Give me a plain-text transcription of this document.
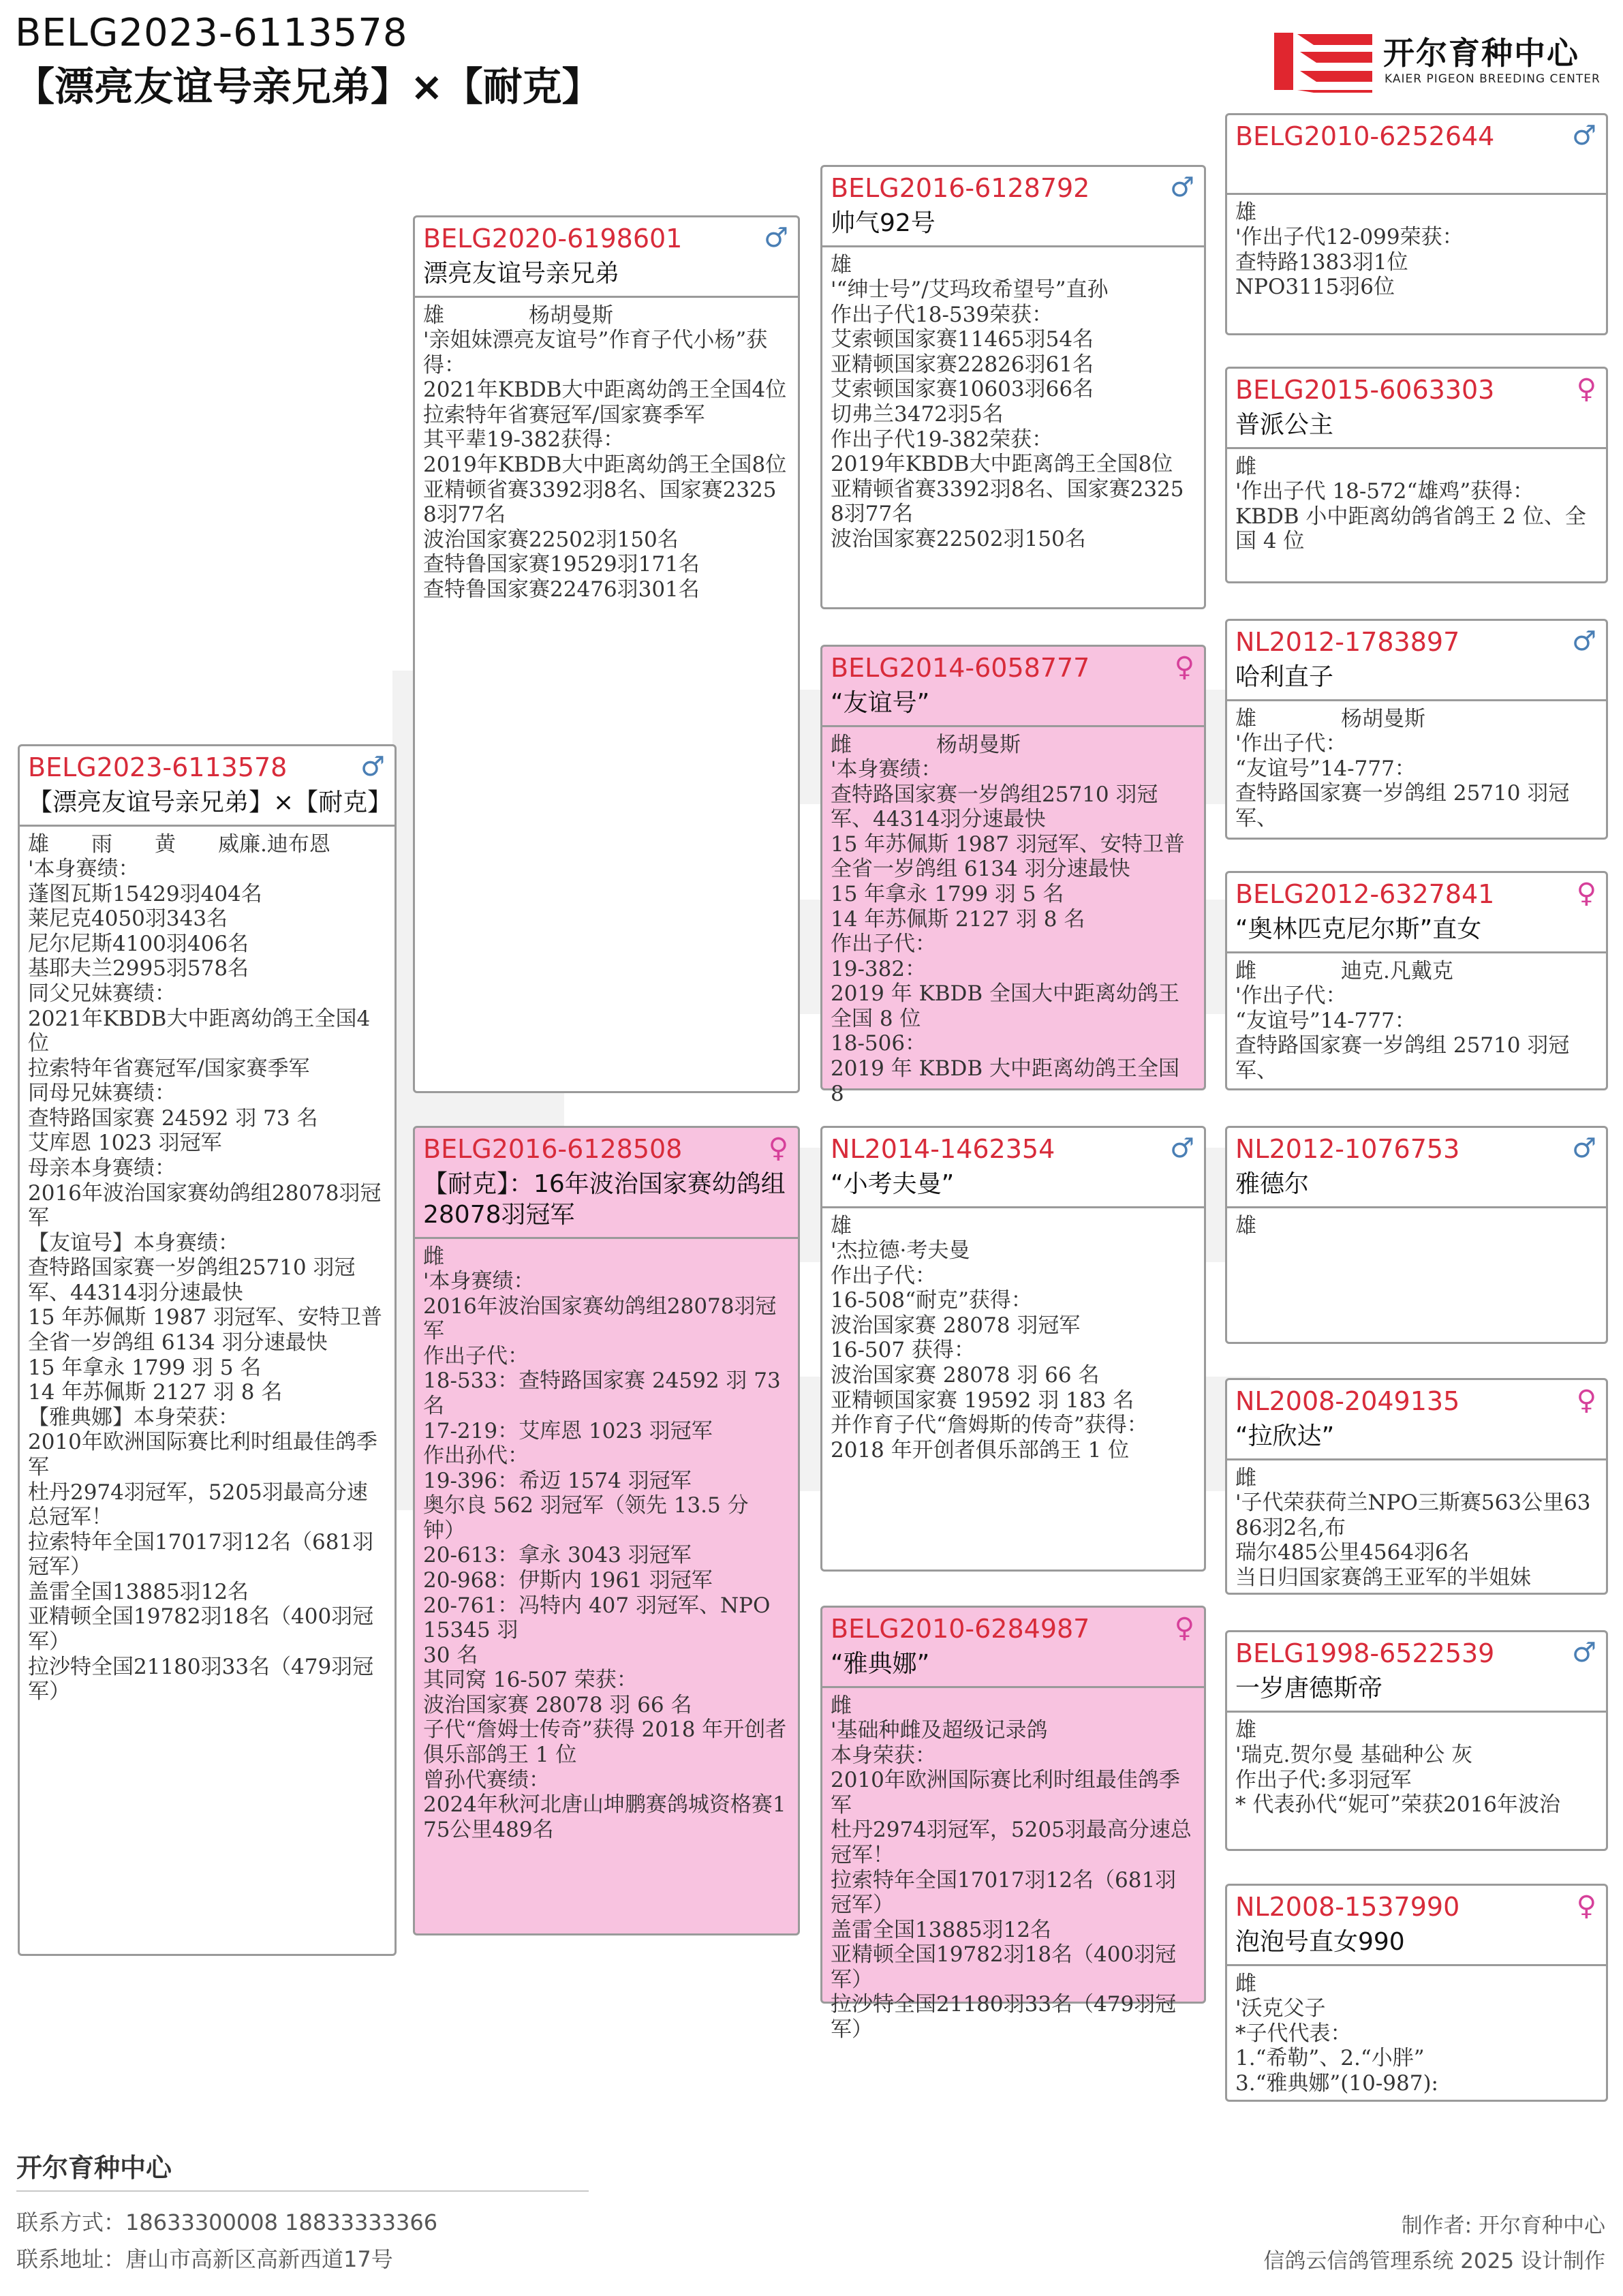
BELG2023-6113578
【漂亮友谊号亲兄弟】×【耐克】
开尔育种中心
KAIER PIGEON BREEDING CENTER
BELG2023-6113578	♂
【漂亮友谊号亲兄弟】×【耐克】
雄　　雨　　黄　　威廉.迪布恩
'本身赛绩：
蓬图瓦斯15429羽404名
莱尼克4050羽343名
尼尔尼斯4100羽406名
基耶夫兰2995羽578名
同父兄妹赛绩：
2021年KBDB大中距离幼鸽王全国4位
拉索特年省赛冠军/国家赛季军
同母兄妹赛绩：
查特路国家赛 24592 羽 73 名
艾库恩 1023 羽冠军
母亲本身赛绩：
2016年波治国家赛幼鸽组28078羽冠军
【友谊号】本身赛绩：
查特路国家赛一岁鸽组25710 羽冠军、44314羽分速最快
15 年苏佩斯 1987 羽冠军、安特卫普全省一岁鸽组 6134 羽分速最快
15 年拿永 1799 羽 5 名
14 年苏佩斯 2127 羽 8 名
【雅典娜】本身荣获：
2010年欧洲国际赛比利时组最佳鸽季军
杜丹2974羽冠军，5205羽最高分速总冠军！
拉索特年全国17017羽12名（681羽冠军）
盖雷全国13885羽12名
亚精顿全国19782羽18名（400羽冠军）
拉沙特全国21180羽33名（479羽冠军）
BELG2020-6198601	♂
漂亮友谊号亲兄弟
雄　　　　杨胡曼斯
'亲姐妹漂亮友谊号”作育子代小杨”获得：
2021年KBDB大中距离幼鸽王全国4位
拉索特年省赛冠军/国家赛季军
其平辈19-382获得：
2019年KBDB大中距离幼鸽王全国8位
亚精顿省赛3392羽8名、国家赛23258羽77名
波治国家赛22502羽150名
查特鲁国家赛19529羽171名
查特鲁国家赛22476羽301名
BELG2016-6128508	♀
【耐克】：16年波治国家赛幼鸽组28078羽冠军
雌
'本身赛绩：
2016年波治国家赛幼鸽组28078羽冠军
作出子代：
18-533：查特路国家赛 24592 羽 73 名
17-219：艾库恩 1023 羽冠军
作出孙代：
19-396：希迈 1574 羽冠军
奥尔良 562 羽冠军（领先 13.5 分钟）
20-613：拿永 3043 羽冠军
20-968：伊斯内 1961 羽冠军
20-761：冯特内 407 羽冠军、NPO 15345 羽
30 名
其同窝 16-507 荣获：
波治国家赛 28078 羽 66 名
子代“詹姆士传奇”获得 2018 年开创者俱乐部鸽王 1 位
曾孙代赛绩：
2024年秋河北唐山坤鹏赛鸽城资格赛175公里489名
BELG2016-6128792	♂
帅气92号
雄
'“绅士号”/艾玛玫希望号”直孙
作出子代18-539荣获：
艾索顿国家赛11465羽54名
亚精顿国家赛22826羽61名
艾索顿国家赛10603羽66名
切弗兰3472羽5名
作出子代19-382荣获：
2019年KBDB大中距离鸽王全国8位
亚精顿省赛3392羽8名、国家赛23258羽77名
波治国家赛22502羽150名
BELG2014-6058777	♀
“友谊号”
雌　　　　杨胡曼斯
'本身赛绩：
查特路国家赛一岁鸽组25710 羽冠军、44314羽分速最快
15 年苏佩斯 1987 羽冠军、安特卫普全省一岁鸽组 6134 羽分速最快
15 年拿永 1799 羽 5 名
14 年苏佩斯 2127 羽 8 名
作出子代：
19-382：
2019 年 KBDB 全国大中距离幼鸽王全国 8 位
18-506：
2019 年 KBDB 大中距离幼鸽王全国 8
NL2014-1462354	♂
“小考夫曼”
雄
'杰拉德·考夫曼
作出子代：
16-508“耐克”获得：
波治国家赛 28078 羽冠军
16-507 获得：
波治国家赛 28078 羽 66 名
亚精顿国家赛 19592 羽 183 名
并作育子代“詹姆斯的传奇”获得：
2018 年开创者俱乐部鸽王 1 位
BELG2010-6284987	♀
“雅典娜”
雌
'基础种雌及超级记录鸽
本身荣获：
2010年欧洲国际赛比利时组最佳鸽季军
杜丹2974羽冠军，5205羽最高分速总冠军！
拉索特年全国17017羽12名（681羽冠军）
盖雷全国13885羽12名
亚精顿全国19782羽18名（400羽冠军）
拉沙特全国21180羽33名（479羽冠军）
BELG2010-6252644	♂
雄
'作出子代12-099荣获：
查特路1383羽1位
NPO3115羽6位
BELG2015-6063303	♀
普派公主
雌
'作出子代 18-572“雄鸡”获得：
KBDB 小中距离幼鸽省鸽王 2 位、全国 4 位
NL2012-1783897	♂
哈利直子
雄　　　　杨胡曼斯
'作出子代：
“友谊号”14-777：
查特路国家赛一岁鸽组 25710 羽冠军、
BELG2012-6327841	♀
“奥林匹克尼尔斯”直女
雌　　　　迪克.凡戴克
'作出子代：
“友谊号”14-777：
查特路国家赛一岁鸽组 25710 羽冠军、
NL2012-1076753	♂
雅德尔
雄
NL2008-2049135	♀
“拉欣达”
雌
'子代荣获荷兰NPO三斯赛563公里6386羽2名,布
瑞尔485公里4564羽6名
当日归国家赛鸽王亚军的半姐妹
BELG1998-6522539	♂
一岁唐德斯帝
雄
'瑞克.贺尔曼 基础种公 灰
作出子代:多羽冠军
* 代表孙代“妮可”荣获2016年波治
NL2008-1537990	♀
泡泡号直女990
雌
'沃克父子
*子代代表：
1.“希勒”、2.“小胖”
3.“雅典娜”(10-987):
开尔育种中心
联系方式：18633300008 18833333366
联系地址：唐山市高新区高新西道17号
制作者: 开尔育种中心
信鸽云信鸽管理系统 2025 设计制作
